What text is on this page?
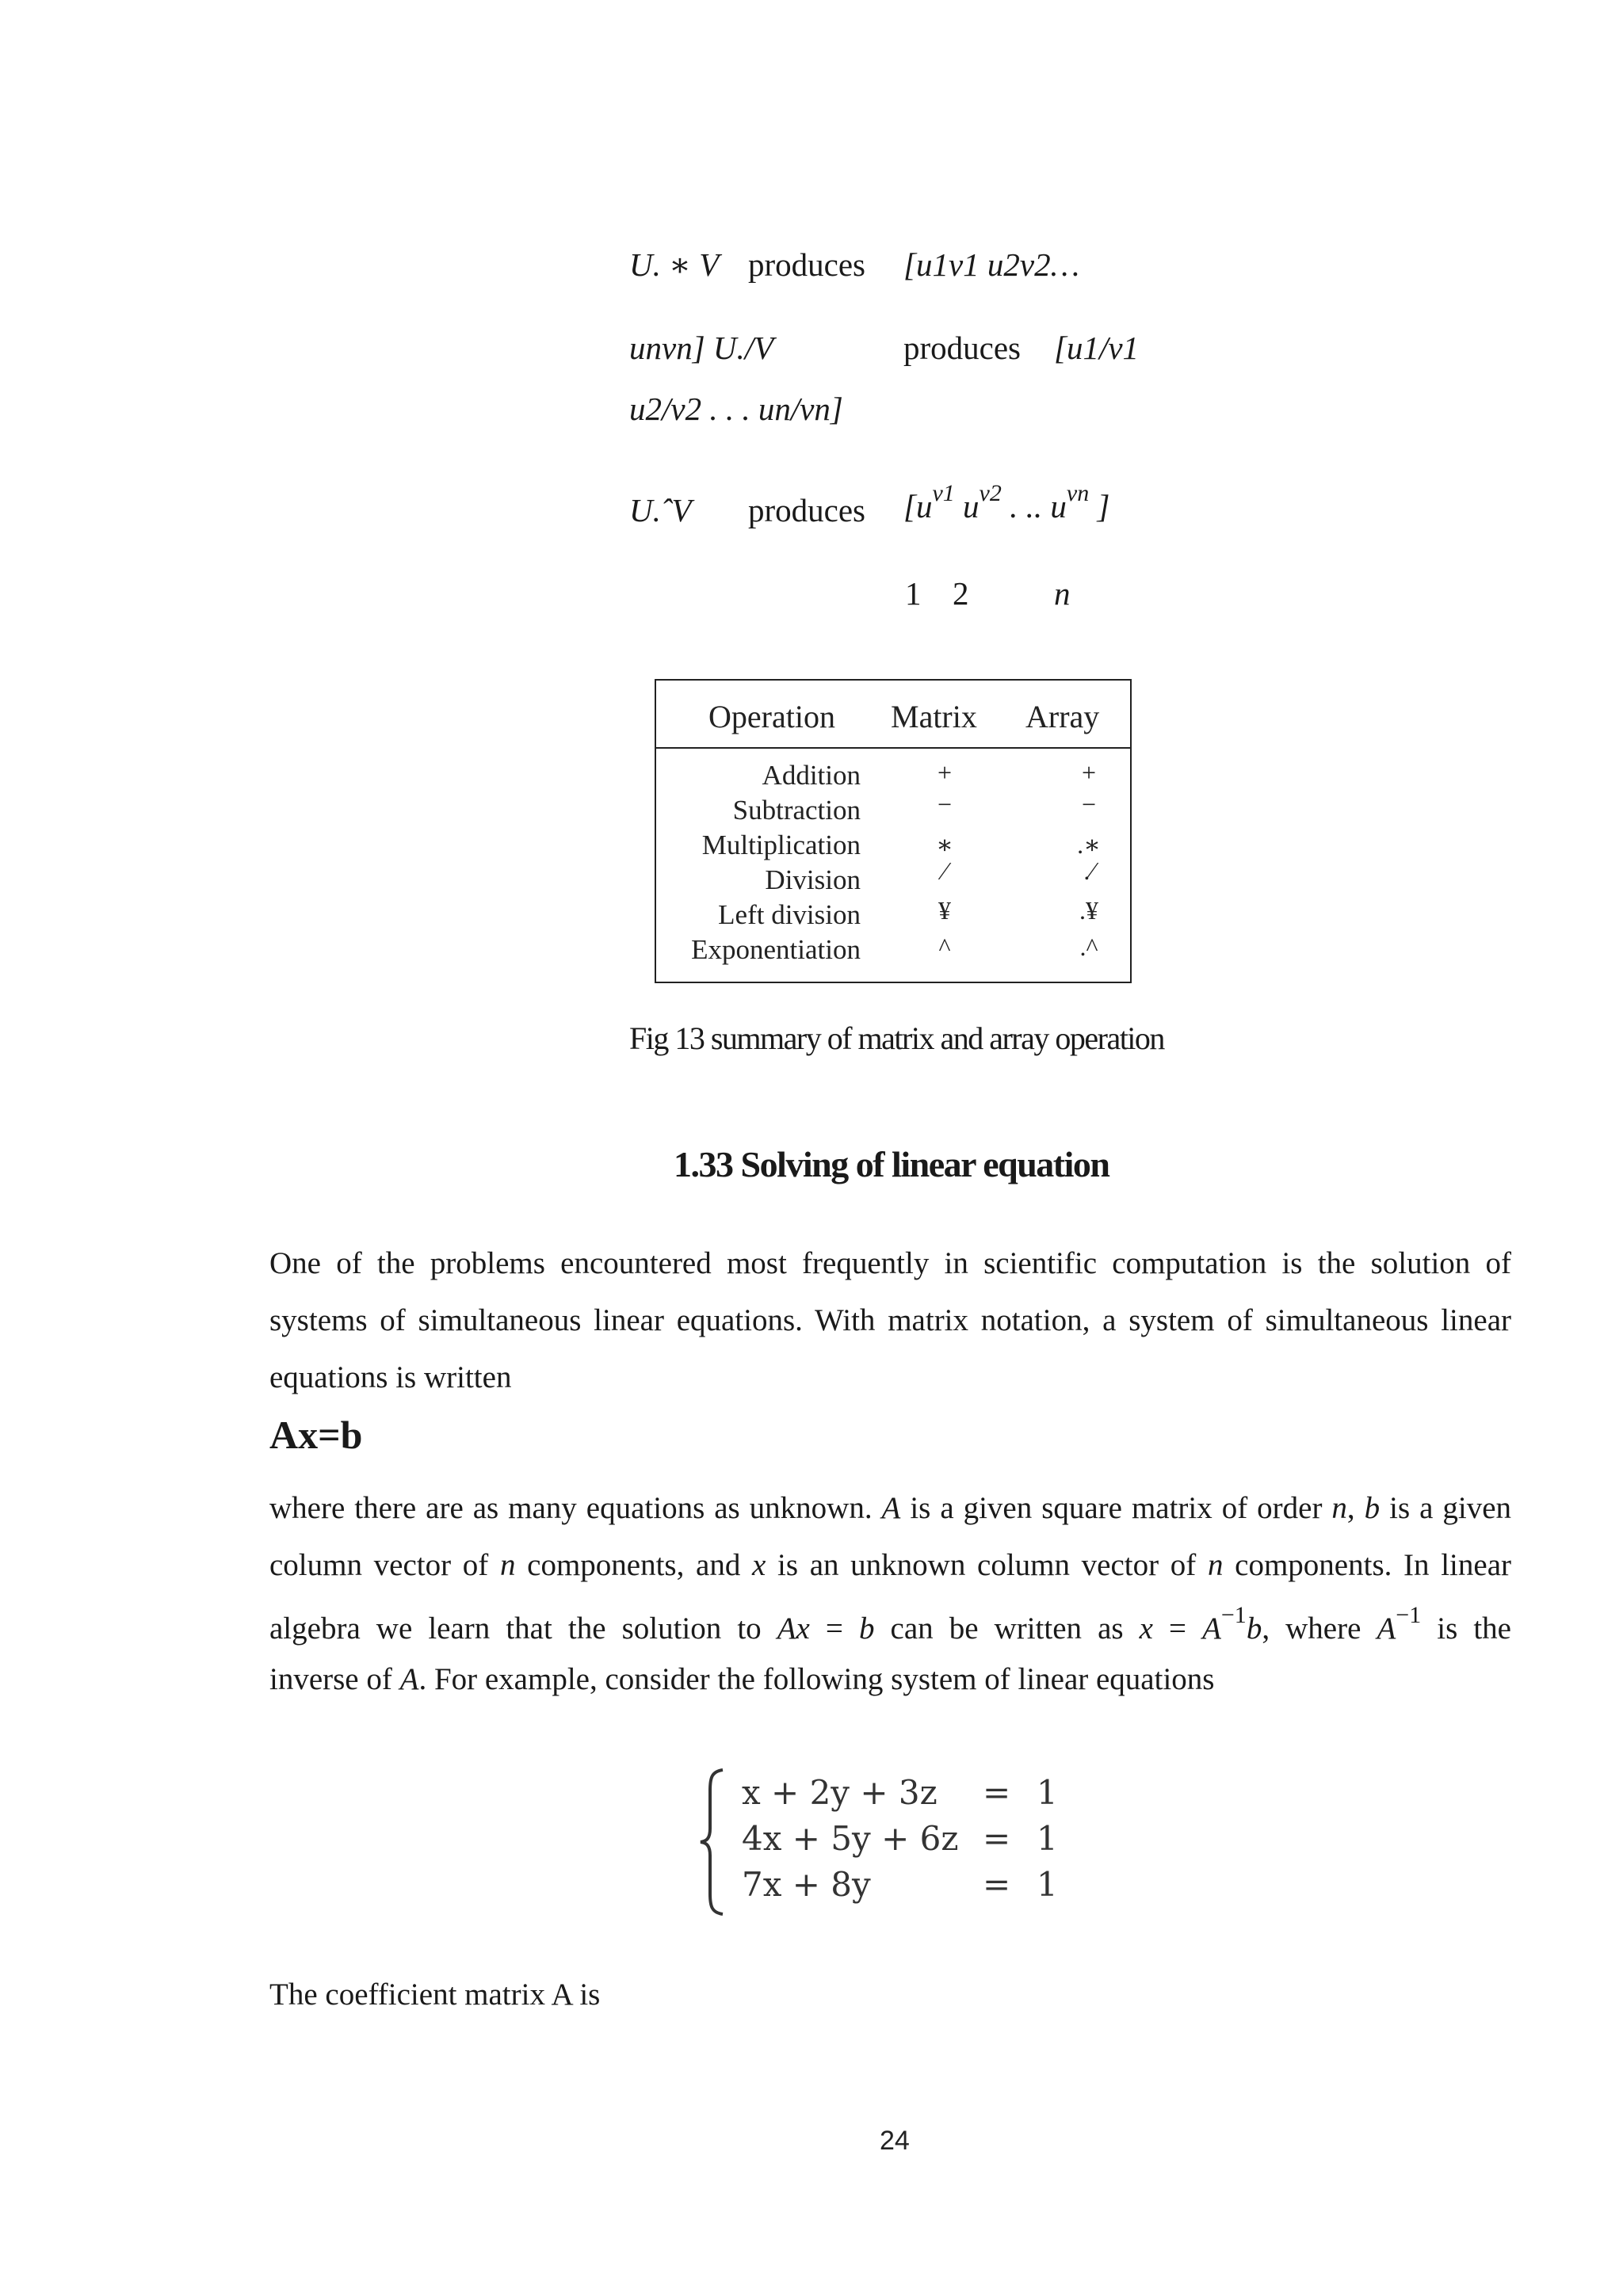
U. ∗ V produces [u1v1 u2v2…
unvn] U./V	produces [u1/v1
u2/v2 . . . un/vn]
U.ˆV produces [$u^{v1}$ $u^{v2}$ . .. $u^{vn}$ ]
1 2	n
Operation Matrix Array
Addition	+	+
Subtraction	−	−
Multiplication	∗	.∗
Division	∕	.∕
Left division	¥	.¥
Exponentiation	^	.^
Fig 13 summary of matrix and array operation
1.33 Solving of linear equation
One of the problems encountered most frequently in scientific computation is the solution of
systems of simultaneous linear equations. With matrix notation, a system of simultaneous linear
equations is written
Ax=b
where there are as many equations as unknown. A is a given square matrix of order n, b is a given
column vector of n components, and x is an unknown column vector of n components. In linear
algebra we learn that the solution to Ax = b can be written as $x = A^{-1}b$, where $A^{-1}$ is the
inverse of A. For example, consider the following system of linear equations
x + 2y + 3z = 1
4x + 5y + 6z = 1
7x + 8y	= 1
The coefficient matrix A is
24
